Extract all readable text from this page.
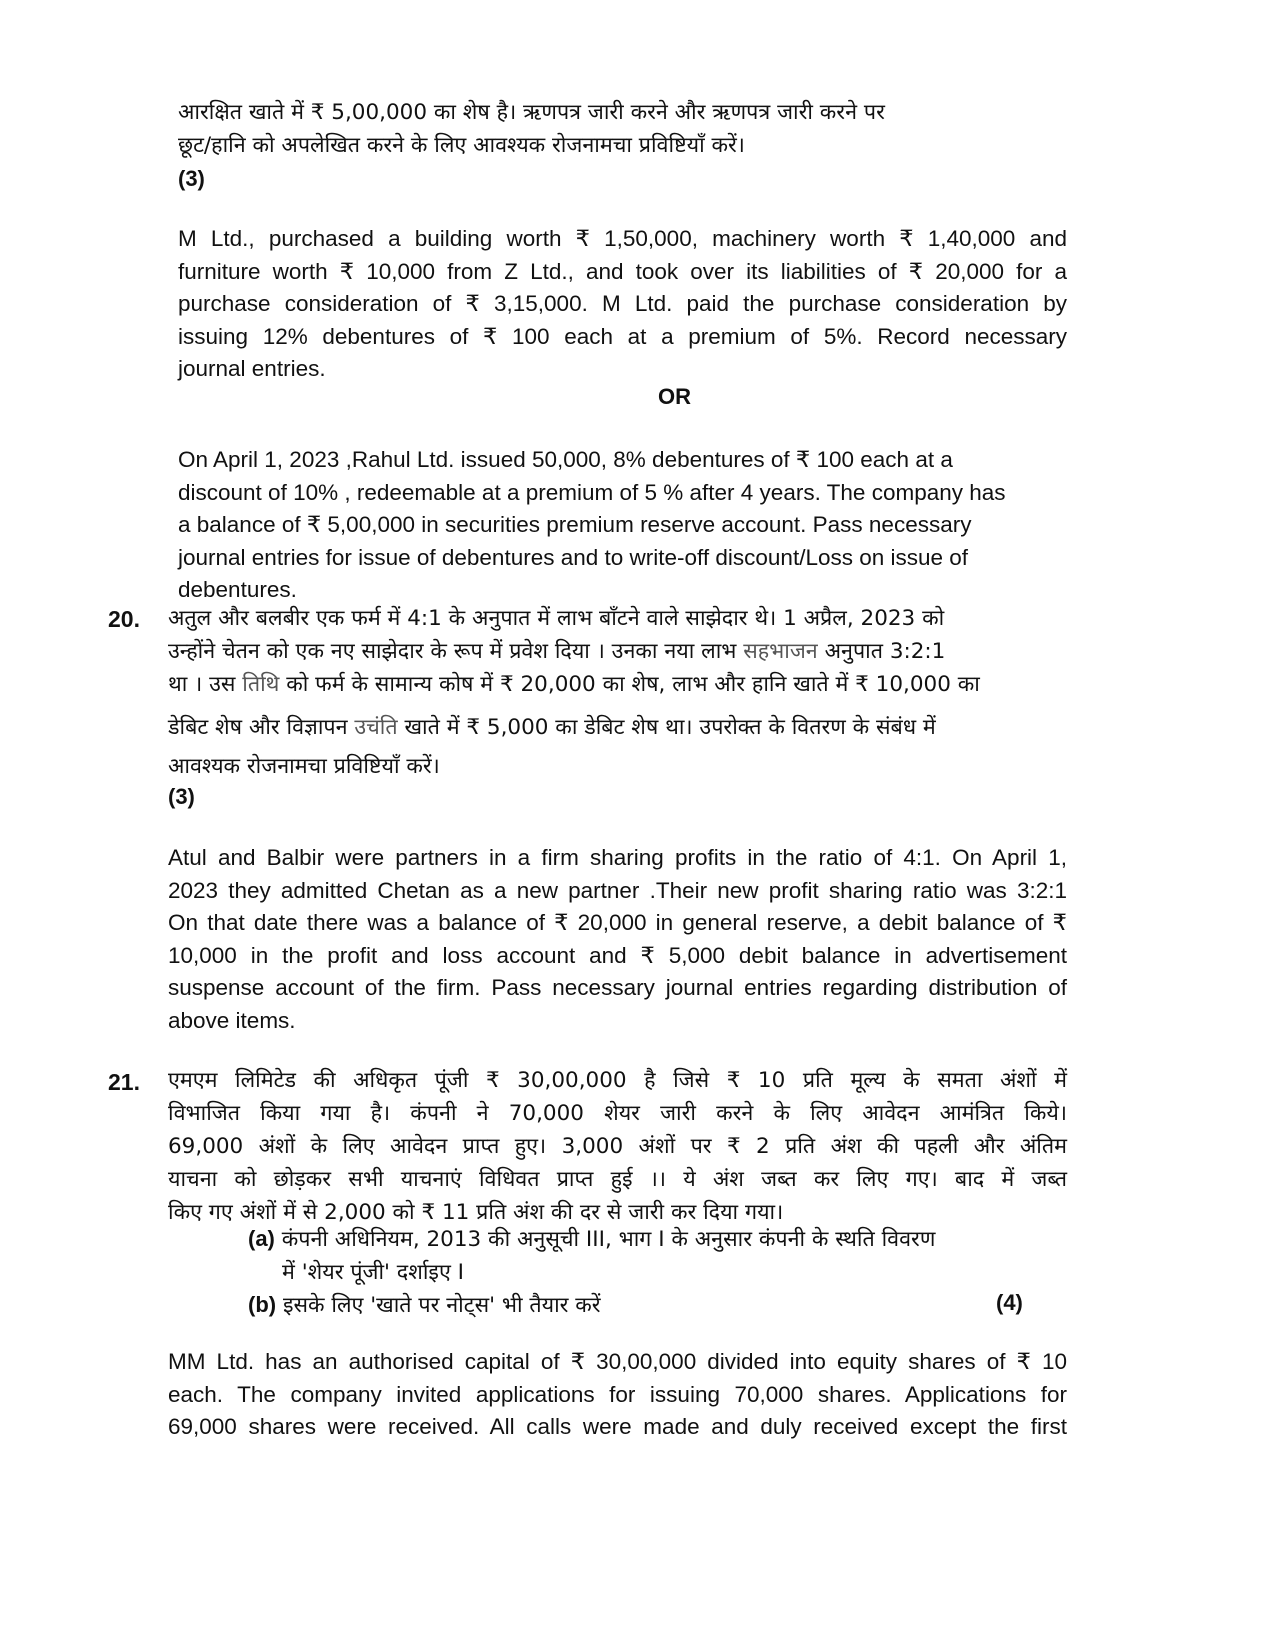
आरक्षित खाते में ₹ 5,00,000 का शेष है। ऋणपत्र जारी करने और ऋणपत्र जारी करने पर
छूट/हानि को अपलेखित करने के लिए आवश्यक रोजनामचा प्रविष्टियाँ करें।
(3)
M Ltd., purchased a building worth ₹ 1,50,000, machinery worth ₹ 1,40,000 and
furniture worth ₹ 10,000 from Z Ltd., and took over its liabilities of ₹ 20,000 for a
purchase consideration of ₹ 3,15,000. M Ltd. paid the purchase consideration by
issuing 12% debentures of ₹ 100 each at a premium of 5%. Record necessary
journal entries.
OR
On April 1, 2023 ,Rahul Ltd. issued 50,000, 8% debentures of ₹ 100 each at a
discount of 10% , redeemable at a premium of 5 % after 4 years. The company has
a balance of ₹ 5,00,000 in securities premium reserve account. Pass necessary
journal entries for issue of debentures and to write-off discount/Loss on issue of
debentures.
20. अतुल और बलबीर एक फर्म में 4:1 के अनुपात में लाभ बाँटने वाले साझेदार थे। 1 अप्रैल, 2023 को
उन्होंने चेतन को एक नए साझेदार के रूप में प्रवेश दिया । उनका नया लाभ सहभाजन अनुपात 3:2:1
था । उस तिथि को फर्म के सामान्य कोष में ₹ 20,000 का शेष, लाभ और हानि खाते में ₹ 10,000 का
डेबिट शेष और विज्ञापन उचंति खाते में ₹ 5,000 का डेबिट शेष था। उपरोक्त के वितरण के संबंध में
आवश्यक रोजनामचा प्रविष्टियाँ करें।
(3)
Atul and Balbir were partners in a firm sharing profits in the ratio of 4:1. On April 1,
2023 they admitted Chetan as a new partner .Their new profit sharing ratio was 3:2:1
On that date there was a balance of ₹ 20,000 in general reserve, a debit balance of ₹
10,000 in the profit and loss account and ₹ 5,000 debit balance in advertisement
suspense account of the firm. Pass necessary journal entries regarding distribution of
above items.
21. एमएम लिमिटेड की अधिकृत पूंजी ₹ 30,00,000 है जिसे ₹ 10 प्रति मूल्य के समता अंशों में
विभाजित किया गया है। कंपनी ने 70,000 शेयर जारी करने के लिए आवेदन आमंत्रित किये।
69,000 अंशों के लिए आवेदन प्राप्त हुए। 3,000 अंशों पर ₹ 2 प्रति अंश की पहली और अंतिम
याचना को छोड़कर सभी याचनाएं विधिवत प्राप्त हुई ।। ये अंश जब्त कर लिए गए। बाद में जब्त
किए गए अंशों में से 2,000 को ₹ 11 प्रति अंश की दर से जारी कर दिया गया।
(a) कंपनी अधिनियम, 2013 की अनुसूची III, भाग I के अनुसार कंपनी के स्थति विवरण
में 'शेयर पूंजी' दर्शाइए I
(b) इसके लिए 'खाते पर नोट्स' भी तैयार करें	(4)
MM Ltd. has an authorised capital of ₹ 30,00,000 divided into equity shares of ₹ 10
each. The company invited applications for issuing 70,000 shares. Applications for
69,000 shares were received. All calls were made and duly received except the first
